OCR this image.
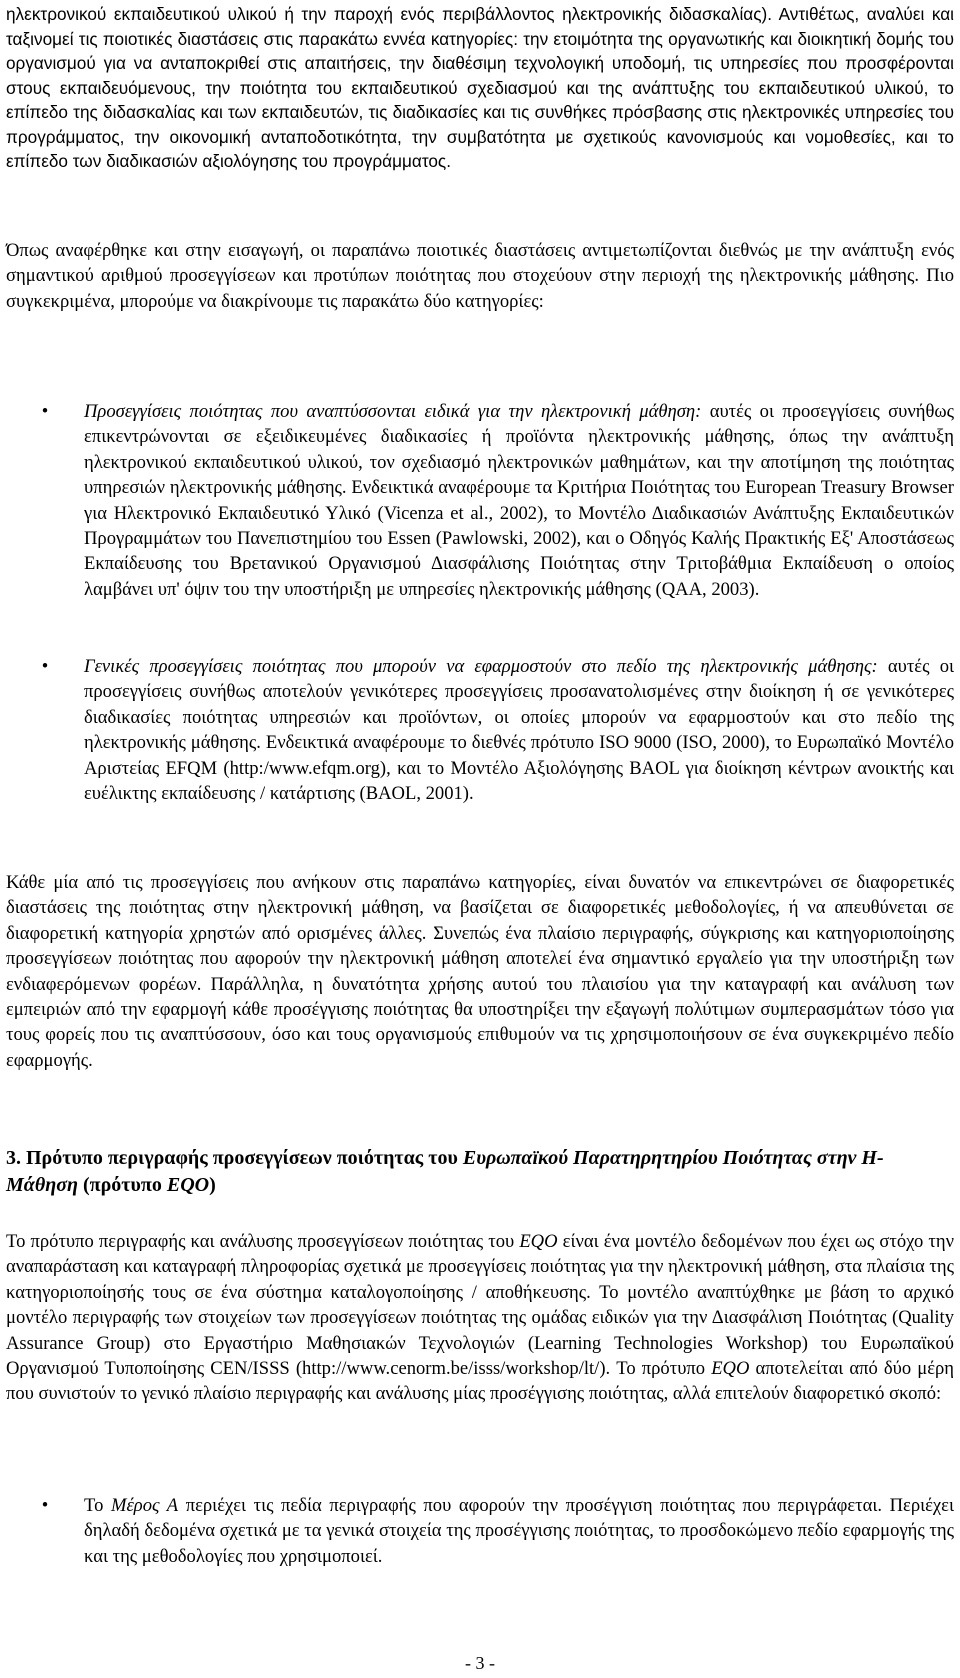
ηλεκτρονικού εκπαιδευτικού υλικού ή την παροχή ενός περιβάλλοντος ηλεκτρονικής διδασκαλίας). Αντιθέτως, αναλύει και ταξινομεί τις ποιοτικές διαστάσεις στις παρακάτω εννέα κατηγορίες: την ετοιμότητα της οργανωτικής και διοικητική δομής του οργανισμού για να ανταποκριθεί στις απαιτήσεις, την διαθέσιμη τεχνολογική υποδομή, τις υπηρεσίες που προσφέρονται στους εκπαιδευόμενους, την ποιότητα του εκπαιδευτικού σχεδιασμού και της ανάπτυξης του εκπαιδευτικού υλικού, το επίπεδο της διδασκαλίας και των εκπαιδευτών, τις διαδικασίες και τις συνθήκες πρόσβασης στις ηλεκτρονικές υπηρεσίες του προγράμματος, την οικονομική ανταποδοτικότητα, την συμβατότητα με σχετικούς κανονισμούς και νομοθεσίες, και το επίπεδο των διαδικασιών αξιολόγησης του προγράμματος.

Όπως αναφέρθηκε και στην εισαγωγή, οι παραπάνω ποιοτικές διαστάσεις αντιμετωπίζονται διεθνώς με την ανάπτυξη ενός σημαντικού αριθμού προσεγγίσεων και προτύπων ποιότητας που στοχεύουν στην περιοχή της ηλεκτρονικής μάθησης. Πιο συγκεκριμένα, μπορούμε να διακρίνουμε τις παρακάτω δύο κατηγορίες:

•	Προσεγγίσεις ποιότητας που αναπτύσσονται ειδικά για την ηλεκτρονική μάθηση: αυτές οι προσεγγίσεις συνήθως επικεντρώνονται σε εξειδικευμένες διαδικασίες ή προϊόντα ηλεκτρονικής μάθησης, όπως την ανάπτυξη ηλεκτρονικού εκπαιδευτικού υλικού, τον σχεδιασμό ηλεκτρονικών μαθημάτων, και την αποτίμηση της ποιότητας υπηρεσιών ηλεκτρονικής μάθησης. Ενδεικτικά αναφέρουμε τα Κριτήρια Ποιότητας του European Treasury Browser για Ηλεκτρονικό Εκπαιδευτικό Υλικό (Vicenza et al., 2002), το Μοντέλο Διαδικασιών Ανάπτυξης Εκπαιδευτικών Προγραμμάτων του Πανεπιστημίου του Essen (Pawlowski, 2002), και ο Οδηγός Καλής Πρακτικής Εξ' Αποστάσεως Εκπαίδευσης του Βρετανικού Οργανισμού Διασφάλισης Ποιότητας στην Τριτοβάθμια Εκπαίδευση ο οποίος λαμβάνει υπ' όψιν του την υποστήριξη με υπηρεσίες ηλεκτρονικής μάθησης (QAA, 2003).

•	Γενικές προσεγγίσεις ποιότητας που μπορούν να εφαρμοστούν στο πεδίο της ηλεκτρονικής μάθησης: αυτές οι προσεγγίσεις συνήθως αποτελούν γενικότερες προσεγγίσεις προσανατολισμένες στην διοίκηση ή σε γενικότερες διαδικασίες ποιότητας υπηρεσιών και προϊόντων, οι οποίες μπορούν να εφαρμοστούν και στο πεδίο της ηλεκτρονικής μάθησης. Ενδεικτικά αναφέρουμε το διεθνές πρότυπο ISO 9000 (ISO, 2000), το Ευρωπαϊκό Μοντέλο Αριστείας EFQM (http:/www.efqm.org), και το Μοντέλο Αξιολόγησης BAOL για διοίκηση κέντρων ανοικτής και ευέλικτης εκπαίδευσης / κατάρτισης (BAOL, 2001).

Κάθε μία από τις προσεγγίσεις που ανήκουν στις παραπάνω κατηγορίες, είναι δυνατόν να επικεντρώνει σε διαφορετικές διαστάσεις της ποιότητας στην ηλεκτρονική μάθηση, να βασίζεται σε διαφορετικές μεθοδολογίες, ή να απευθύνεται σε διαφορετική κατηγορία χρηστών από ορισμένες άλλες. Συνεπώς ένα πλαίσιο περιγραφής, σύγκρισης και κατηγοριοποίησης προσεγγίσεων ποιότητας που αφορούν την ηλεκτρονική μάθηση αποτελεί ένα σημαντικό εργαλείο για την υποστήριξη των ενδιαφερόμενων φορέων. Παράλληλα, η δυνατότητα χρήσης αυτού του πλαισίου για την καταγραφή και ανάλυση των εμπειριών από την εφαρμογή κάθε προσέγγισης ποιότητας θα υποστηρίξει την εξαγωγή πολύτιμων συμπερασμάτων τόσο για τους φορείς που τις αναπτύσσουν, όσο και τους οργανισμούς επιθυμούν να τις χρησιμοποιήσουν σε ένα συγκεκριμένο πεδίο εφαρμογής.

3. Πρότυπο περιγραφής προσεγγίσεων ποιότητας του Ευρωπαϊκού Παρατηρητηρίου Ποιότητας στην Η-Μάθηση (πρότυπο EQO)

Το πρότυπο περιγραφής και ανάλυσης προσεγγίσεων ποιότητας του EQO είναι ένα μοντέλο δεδομένων που έχει ως στόχο την αναπαράσταση και καταγραφή πληροφορίας σχετικά με προσεγγίσεις ποιότητας για την ηλεκτρονική μάθηση, στα πλαίσια της κατηγοριοποίησής τους σε ένα σύστημα καταλογοποίησης / αποθήκευσης. Το μοντέλο αναπτύχθηκε με βάση το αρχικό μοντέλο περιγραφής των στοιχείων των προσεγγίσεων ποιότητας της ομάδας ειδικών για την Διασφάλιση Ποιότητας (Quality Assurance Group) στο Εργαστήριο Μαθησιακών Τεχνολογιών (Learning Technologies Workshop) του Ευρωπαϊκού Οργανισμού Τυποποίησης CEN/ISSS (http://www.cenorm.be/isss/workshop/lt/). Το πρότυπο EQO αποτελείται από δύο μέρη που συνιστούν το γενικό πλαίσιο περιγραφής και ανάλυσης μίας προσέγγισης ποιότητας, αλλά επιτελούν διαφορετικό σκοπό:

•	Το Μέρος Α περιέχει τις πεδία περιγραφής που αφορούν την προσέγγιση ποιότητας που περιγράφεται. Περιέχει δηλαδή δεδομένα σχετικά με τα γενικά στοιχεία της προσέγγισης ποιότητας, το προσδοκώμενο πεδίο εφαρμογής της και της μεθοδολογίες που χρησιμοποιεί.

- 3 -
